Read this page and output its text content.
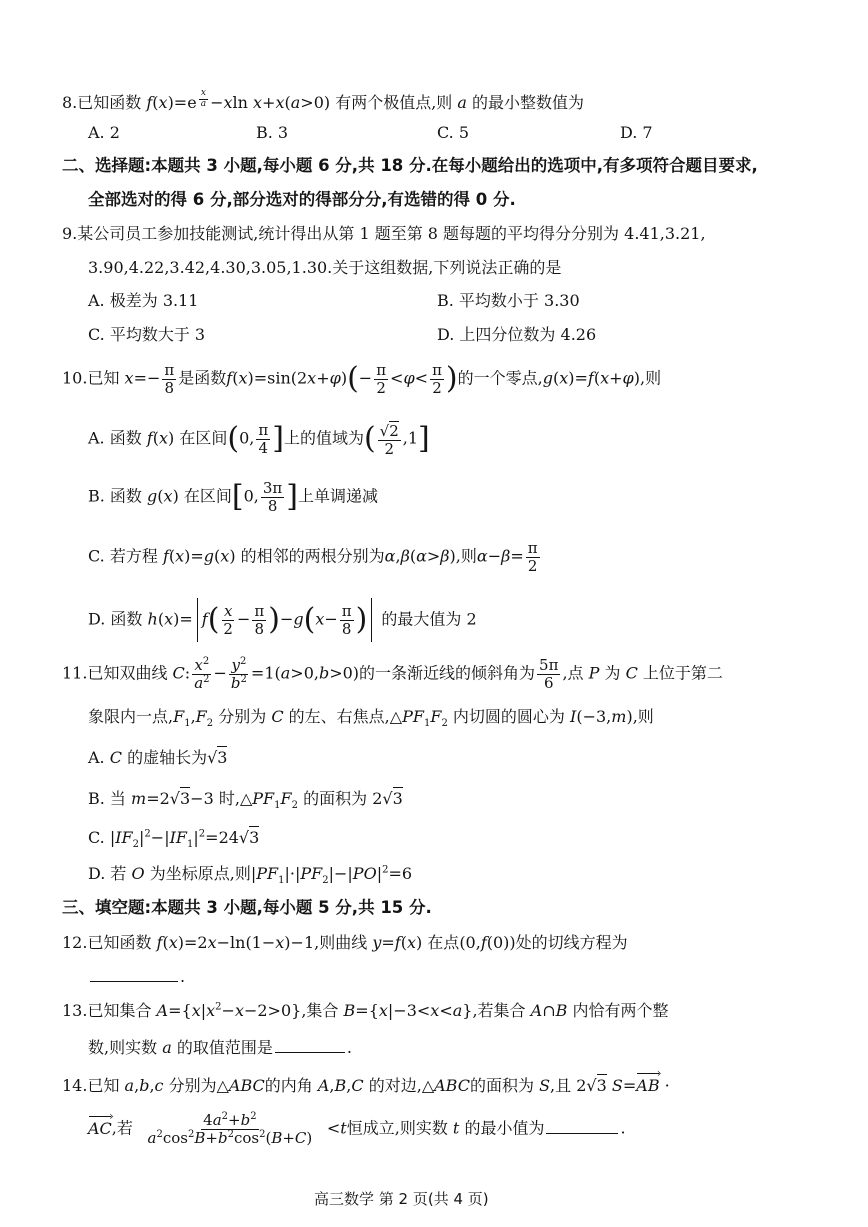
8.已知函数 f(x)=e $^{\frac{x}{a}}$ −xln x+x(a>0) 有两个极值点,则 a 的最小整数值为
A. 2	B. 3	C. 5	D. 7
二、选择题:本题共 3 小题,每小题 6 分,共 18 分.在每小题给出的选项中,有多项符合题目要求,
全部选对的得 6 分,部分选对的得部分分,有选错的得 0 分.
9.某公司员工参加技能测试,统计得出从第 1 题至第 8 题每题的平均得分分别为 4.41,3.21,
3.90,4.22,3.42,4.30,3.05,1.30.关于这组数据,下列说法正确的是
A. 极差为 3.11	B. 平均数小于 3.30
C. 平均数大于 3	D. 上四分位数为 4.26
10.已知 $x=- \frac{\pi}{8}$ 是函数$f(x)=\sin(2x+\varphi)(- \frac{\pi}{2} <\varphi< \frac{\pi}{2}$ )的一个零点,g(x)=f(x+φ),则
A. 函数 f(x) 在区间(0, $\frac{\pi}{4}$ ]上的值域为( $\frac{√2}{2} ,1$]
B. 函数 g(x) 在区间[0, $\frac{3\pi}{8}$ ]上单调递减
C. 若方程 f(x)=g(x) 的相邻的两根分别为α,β(α>β),则$\alpha-\beta= \frac{\pi}{2}$
D. 函数 $h(x)= f( \frac{x}{2} - \frac{\pi}{8} )-g(x- \frac{\pi}{8}$ ) 的最大值为 2
11.已知双曲线 C: $\frac{x^2}{a^2} - \frac{y^2}{b^2} =1(a>0,b>0)$的一条渐近线的倾斜角为 $\frac{5\pi}{6}$ ,点 P 为 C 上位于第二
象限内一点$,F_1,F_2$ 分别为 C 的左、右焦点$,\triangle PF_1F_2$ 内切圆的圆心为 I(−3,m),则
A. C 的虚轴长为√3
B. 当 m=2√3−3 时$,\triangle PF_1F_2$ 的面积为 2√3
C. $|IF_2|^2-|IF_1|^2=24√3$
D. 若 O 为坐标原点,则$|PF_1|\cdot|PF_2|-|PO|^2=6$
三、填空题:本题共 3 小题,每小题 5 分,共 15 分.
12.已知函数 f(x)=2x−ln(1−x)−1,则曲线 y=f(x) 在点(0,f(0))处的切线方程为
.
13.已知集合 $A=\{x|x^2-x-2>0\}$,集合 B={x|−3<x<a},若集合 A∩B 内恰有两个整
数,则实数 a 的取值范围是	.
14.已知 a,b,c 分别为△ABC的内角 A,B,C 的对边,△ABC的面积为 S,且 2√3 S=AB › ·
AC ›,若 $\frac{4a^2+b^2}{a^2\cos^2B+b^2\cos^2(B+C)} <t$恒成立,则实数 t 的最小值为	.
高三数学 第 2 页(共 4 页)
